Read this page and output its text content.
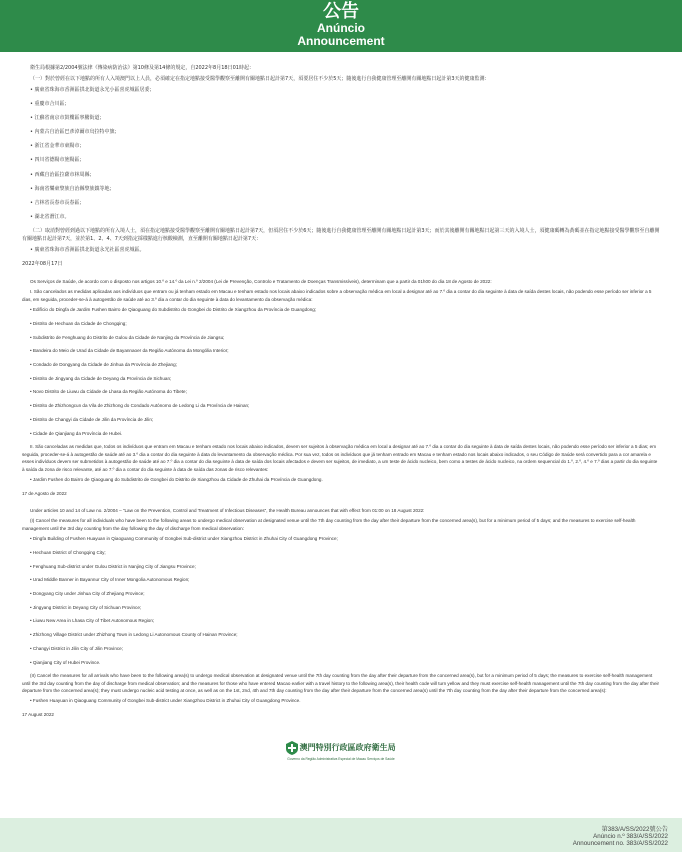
公告
Anúncio
Announcement

衛生局根據第2/2004號法律《傳染病防治法》第10條及第14條的規定，自2022年8月18日01時起：

（一）對於曾經在以下地點的所有人入境澳門以上人員，必須確定在指定地點接受醫學觀察至離開有關地點日起計第7天，須要居住不少於5天；隨後進行自我健康管理至離開有關地點日起計第3天的健康監測：

• 廣東省珠海市香洲區拱北街道永光小區喜虎城區居委；
• 重慶市合川區；
• 江蘇省南京市鼓樓區寧騰街道；
• 內蒙古自治區巴彥淖爾市烏拉特中旗；
• 浙江省金華市東陽市；
• 四川省德陽市旌陽區；
• 西藏自治區拉薩市林周縣；
• 海南省樂東黎族自治縣黎族鎮等地；
• 吉林省長春市長春區；
• 湖北省潛江市。

（二）取消對曾經到過以下地點的所有入境人士，須在指定地點接受醫學觀察至離開有關地點日起計第7天，但須居住不少於6天；隨後進行自我健康管理至離開有關地點日起計第3天；而於其後離開有關地點日起第三天的入境人士，須健康碼轉為黃碼並在指定地點接受醫學觀察至自離開有關地點日起計第7天，並於第1、2、4、7天到指定採樣點進行核酸檢測，直至離開有關地點日起計第7天：

• 廣東省珠海市香洲區拱北街道永光社區喜虎城區。

2022年08月17日

Os Serviços de Saúde, de acordo com o disposto nos artigos 10.º e 14.º da Lei n.º 2/2004 (Lei de Prevenção, Controlo e Tratamento de Doenças Transmissíveis), determinam que a partir da 01h00 do dia 18 de Agosto de 2022:

I. São cancelados as medidas aplicadas aos indivíduos que entram ou já tenham estado em Macau e tenham estado nos locais abaixo indicados sobre a observação médica em local a designar até ao 7.º dia a contar do dia seguinte à data de saída destes locais, não podendo esse período ser inferior a 5 dias, em seguida, proceder-se-á à autogestão de saúde até ao 3.º dia a contar do dia seguinte à data do levantamento da observação médica:

• Edifício do Dingfa de Jardim Fushen Bairro de Qiaoguang do Subdistrito do Gongbei do Distrito de Xiangzhou da Província de Guangdong;
• Distrito de Hechuan da Cidade de Chongqing;
• Subdistrito de Fenghuang do Distrito de Gulou da Cidade de Nanjing da Província de Jiangsu;
• Bandeira do Meio de Urad da Cidade de Bayannaoer da Região Autónoma da Mongólia Interior;
• Condado de Dongyang da Cidade de Jinhua da Província de Zhejiang;
• Distrito de Jingyang da Cidade de Deyang da Província de Sichuan;
• Novo Distrito de Liuwu da Cidade de Lhasa da Região Autónoma do Tibete;
• Distrito de Zhizhongcun da Vila de Zhizhong do Condado Autónomo de Ledong Li da Província de Hainan;
• Distrito de Changyi da Cidade de Jilin da Província de Jilin;
• Cidade de Qianjiang da Província de Hubei.

II. São canceladas as medidas que, todos os indivíduos que entram em Macau e tenham estado nos locais abaixo indicados, devem ser sujeitos à observação médica em local a designar até ao 7.º dia a contar do dia seguinte à data de saída destes locais, não podendo esse período ser inferior a 5 dias; em seguida, proceder-se-á à autogestão de saúde até ao 3.º dia a contar do dia seguinte à data do levantamento da observação médica. Por sua vez, todos os indivíduos que já tenham entrado em Macau e tenham estado nos locais abaixo indicados, o seu Código de Saúde será convertido para a cor amarela e esses indivíduos devem ser submetidos à autogestão de saúde até ao 7.º dia a contar do dia seguinte à data de saída dos locais afectados e devem ser sujeitos, de imediato, a um teste de ácido nucleico, bem como a testes de ácido nucleico, na ordem sequencial do 1.º, 2.º, 4.º e 7.º dias a partir do dia seguinte à saída da zona de risco relevante, até ao 7.º dia a contar do dia seguinte à data de saída das zonas de risco relevantes:

• Jardim Fushen do Bairro de Qiaoguang do Subdistrito de Gongbei do Distrito de Xiangzhou da Cidade de Zhuhai da Província de Guangdong.

17 de Agosto de 2022

Under articles 10 and 14 of Law no. 2/2004 – “Law on the Prevention, Control and Treatment of Infectious Diseases”, the Health Bureau announces that with effect from 01:00 on 18 August 2022:

(I) Cancel the measures for all individuals who have been to the following areas to undergo medical observation at designated venue until the 7th day counting from the day after their departure from the concerned area(s), but for a minimum period of 5 days; and the measures to exercise self-health management until the 3rd day counting from the day following the day of discharge from medical observation:

• Dingfa Building of Fushen Huayuan in Qiaoguang Community of Gongbei Sub-district under Xiangzhou District in Zhuhai City of Guangdong Province;
• Hechuan District of Chongqing City;
• Fenghuang Sub-district under Gulou District in Nanjing City of Jiangsu Province;
• Urad Middle Banner in Bayannur City of Inner Mongolia Autonomous Region;
• Dongyang City under Jinhua City of Zhejiang Province;
• Jingyang District in Deyang City of Sichuan Province;
• Liuwu New Area in Lhasa City of Tibet Autonomous Region;
• Zhizhong Village District under Zhizhong Town in Ledong Li Autonomous County of Hainan Province;
• Changyi District in Jilin City of Jilin Province;
• Qianjiang City of Hubei Province.

(II) Cancel the measures for all arrivals who have been to the following area(s) to undergo medical observation at designated venue until the 7th day counting from the day after their departure from the concerned area(s), but for a minimum period of 5 days; the measures to exercise self-health management until the 3rd day counting from the day of discharge from medical observation; and the measures for those who have entered Macao earlier with a travel history to the following area(s), their health code will turn yellow and they must exercise self-health management until the 7th day counting from the day after their departure from the concerned area(s); they must undergo nucleic acid testing at once, as well as on the 1st, 2nd, 4th and 7th day counting from the day after their departure from the concerned area(s) until the 7th day counting from the day after their departure from the concerned area(s):

• Fushen Huayuan in Qiaoguang Community of Gongbei Sub-district under Xiangzhou District in Zhuhai City of Guangdong Province.

17 August 2022

澳門特別行政區政府衛生局
Governo da Região Administrativa Especial de Macau Serviços de Saúde
第383/A/SS/2022號公告
Anúncio n.º 383/A/SS/2022
Announcement no. 383/A/SS/2022
